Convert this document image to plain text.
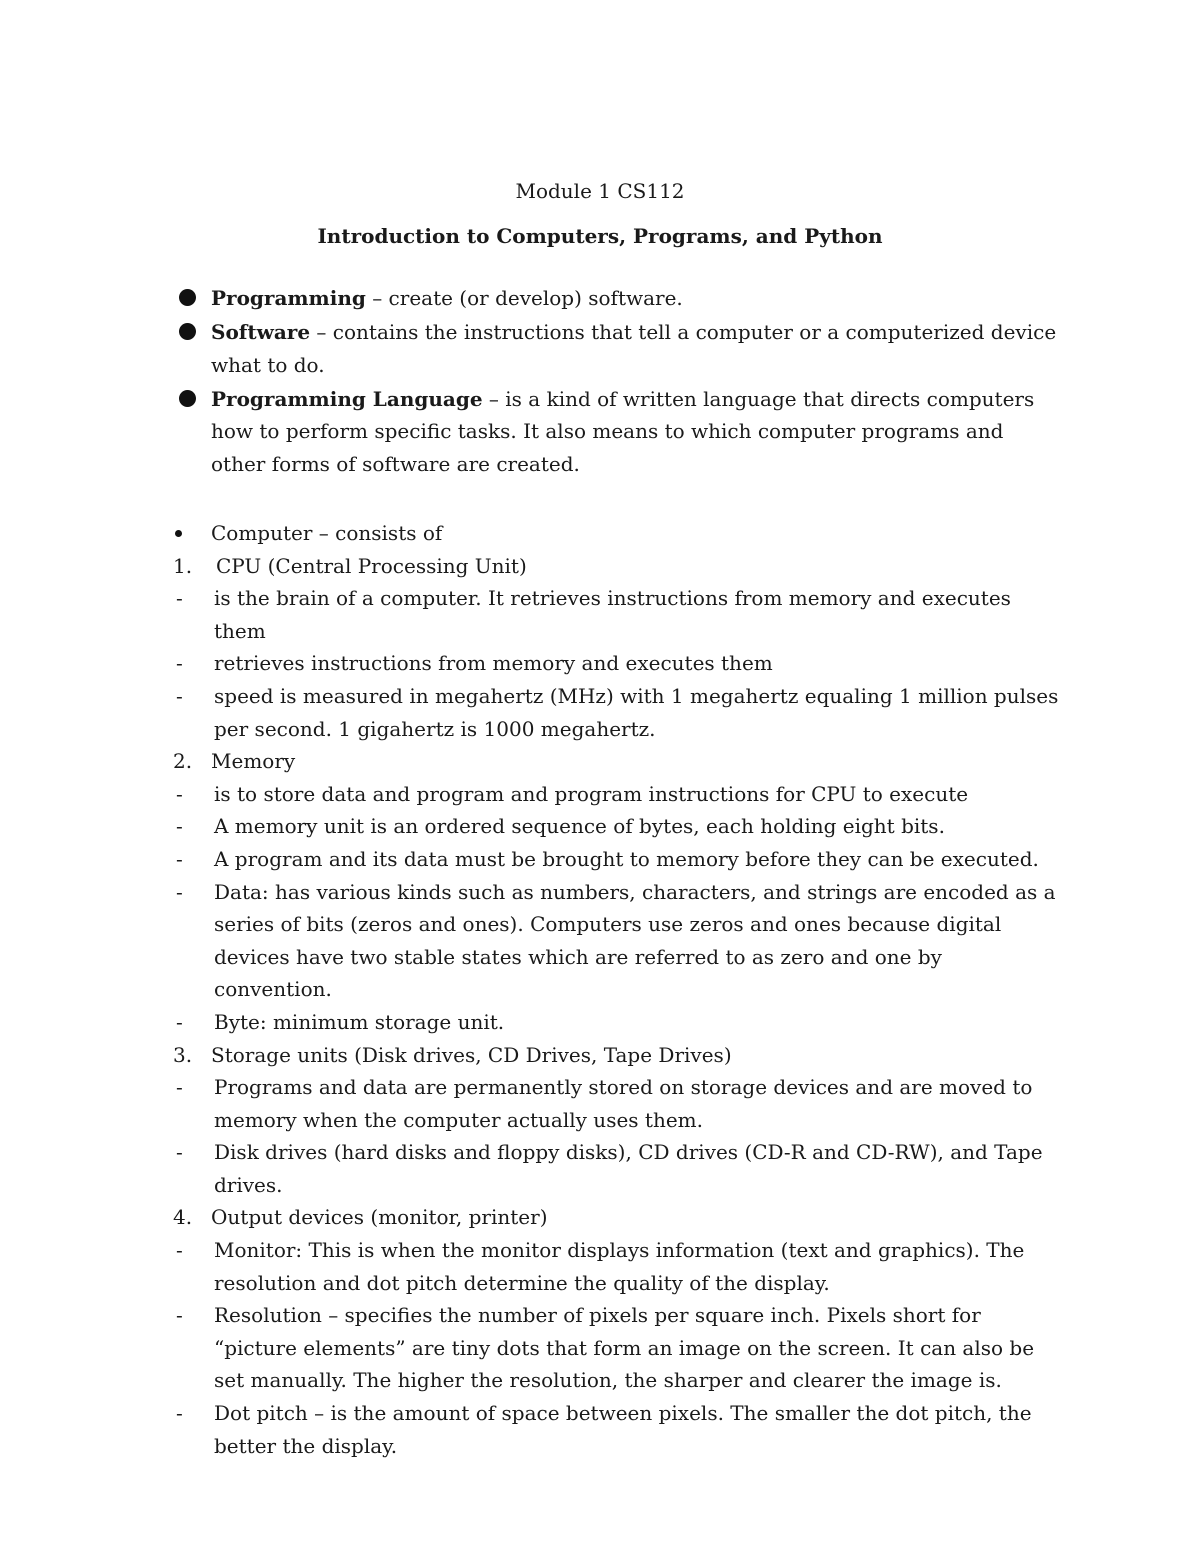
Module 1 CS112
Introduction to Computers, Programs, and Python
Programming – create (or develop) software.
Software – contains the instructions that tell a computer or a computerized device what to do.
Programming Language – is a kind of written language that directs computers how to perform specific tasks. It also means to which computer programs and other forms of software are created.
Computer – consists of
1.	CPU (Central Processing Unit)
-	is the brain of a computer. It retrieves instructions from memory and executes them
-	retrieves instructions from memory and executes them
-	speed is measured in megahertz (MHz) with 1 megahertz equaling 1 million pulses per second. 1 gigahertz is 1000 megahertz.
2. Memory
-	is to store data and program and program instructions for CPU to execute
-	A memory unit is an ordered sequence of bytes, each holding eight bits.
-	A program and its data must be brought to memory before they can be executed.
-	Data: has various kinds such as numbers, characters, and strings are encoded as a series of bits (zeros and ones). Computers use zeros and ones because digital devices have two stable states which are referred to as zero and one by convention.
-	Byte: minimum storage unit.
3. Storage units (Disk drives, CD Drives, Tape Drives)
-	Programs and data are permanently stored on storage devices and are moved to memory when the computer actually uses them.
-	Disk drives (hard disks and floppy disks), CD drives (CD-R and CD-RW), and Tape drives.
4. Output devices (monitor, printer)
-	Monitor: This is when the monitor displays information (text and graphics). The resolution and dot pitch determine the quality of the display.
-	Resolution – specifies the number of pixels per square inch. Pixels short for “picture elements” are tiny dots that form an image on the screen. It can also be set manually. The higher the resolution, the sharper and clearer the image is.
-	Dot pitch – is the amount of space between pixels. The smaller the dot pitch, the better the display.
